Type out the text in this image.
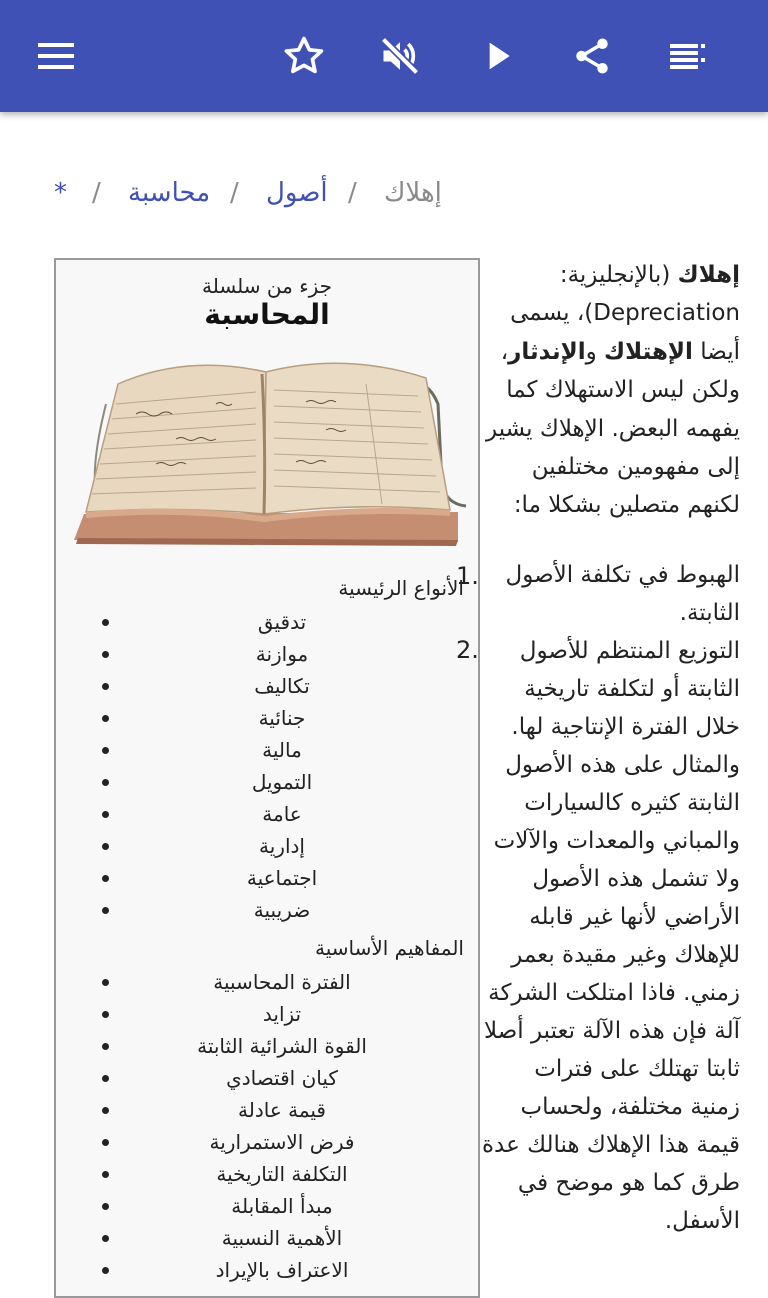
* / محاسبة / أصول / إهلاك
جزء من سلسلة
المحاسبة
الأنواع الرئيسية
تدقيق
موازنة
تكاليف
جنائية
مالية
التمويل
عامة
إدارية
اجتماعية
ضريبية
المفاهيم الأساسية
الفترة المحاسبية
تزايد
القوة الشرائية الثابتة
كيان اقتصادي
قيمة عادلة
فرض الاستمرارية
التكلفة التاريخية
مبدأ المقابلة
الأهمية النسبية
الاعتراف بالإيراد
إهلاك (بالإنجليزية:
Depreciation)، يسمى
أيضا الإهتلاك والإندثار،
ولكن ليس الاستهلاك كما
يفهمه البعض. الإهلاك يشير
إلى مفهومين مختلفين
لكنهم متصلين بشكلا ما:
الهبوط في تكلفة الأصول
الثابتة.
التوزيع المنتظم للأصول
الثابتة أو لتكلفة تاريخية
خلال الفترة الإنتاجية لها.
والمثال على هذه الأصول
الثابتة كثيره كالسيارات
والمباني والمعدات والآلات
ولا تشمل هذه الأصول
الأراضي لأنها غير قابله
للإهلاك وغير مقيدة بعمر
زمني. فاذا امتلكت الشركة
آلة فإن هذه الآلة تعتبر أصلا
ثابتا تهتلك على فترات
زمنية مختلفة، ولحساب
قيمة هذا الإهلاك هنالك عدة
طرق كما هو موضح في
الأسفل.
1.
2.
